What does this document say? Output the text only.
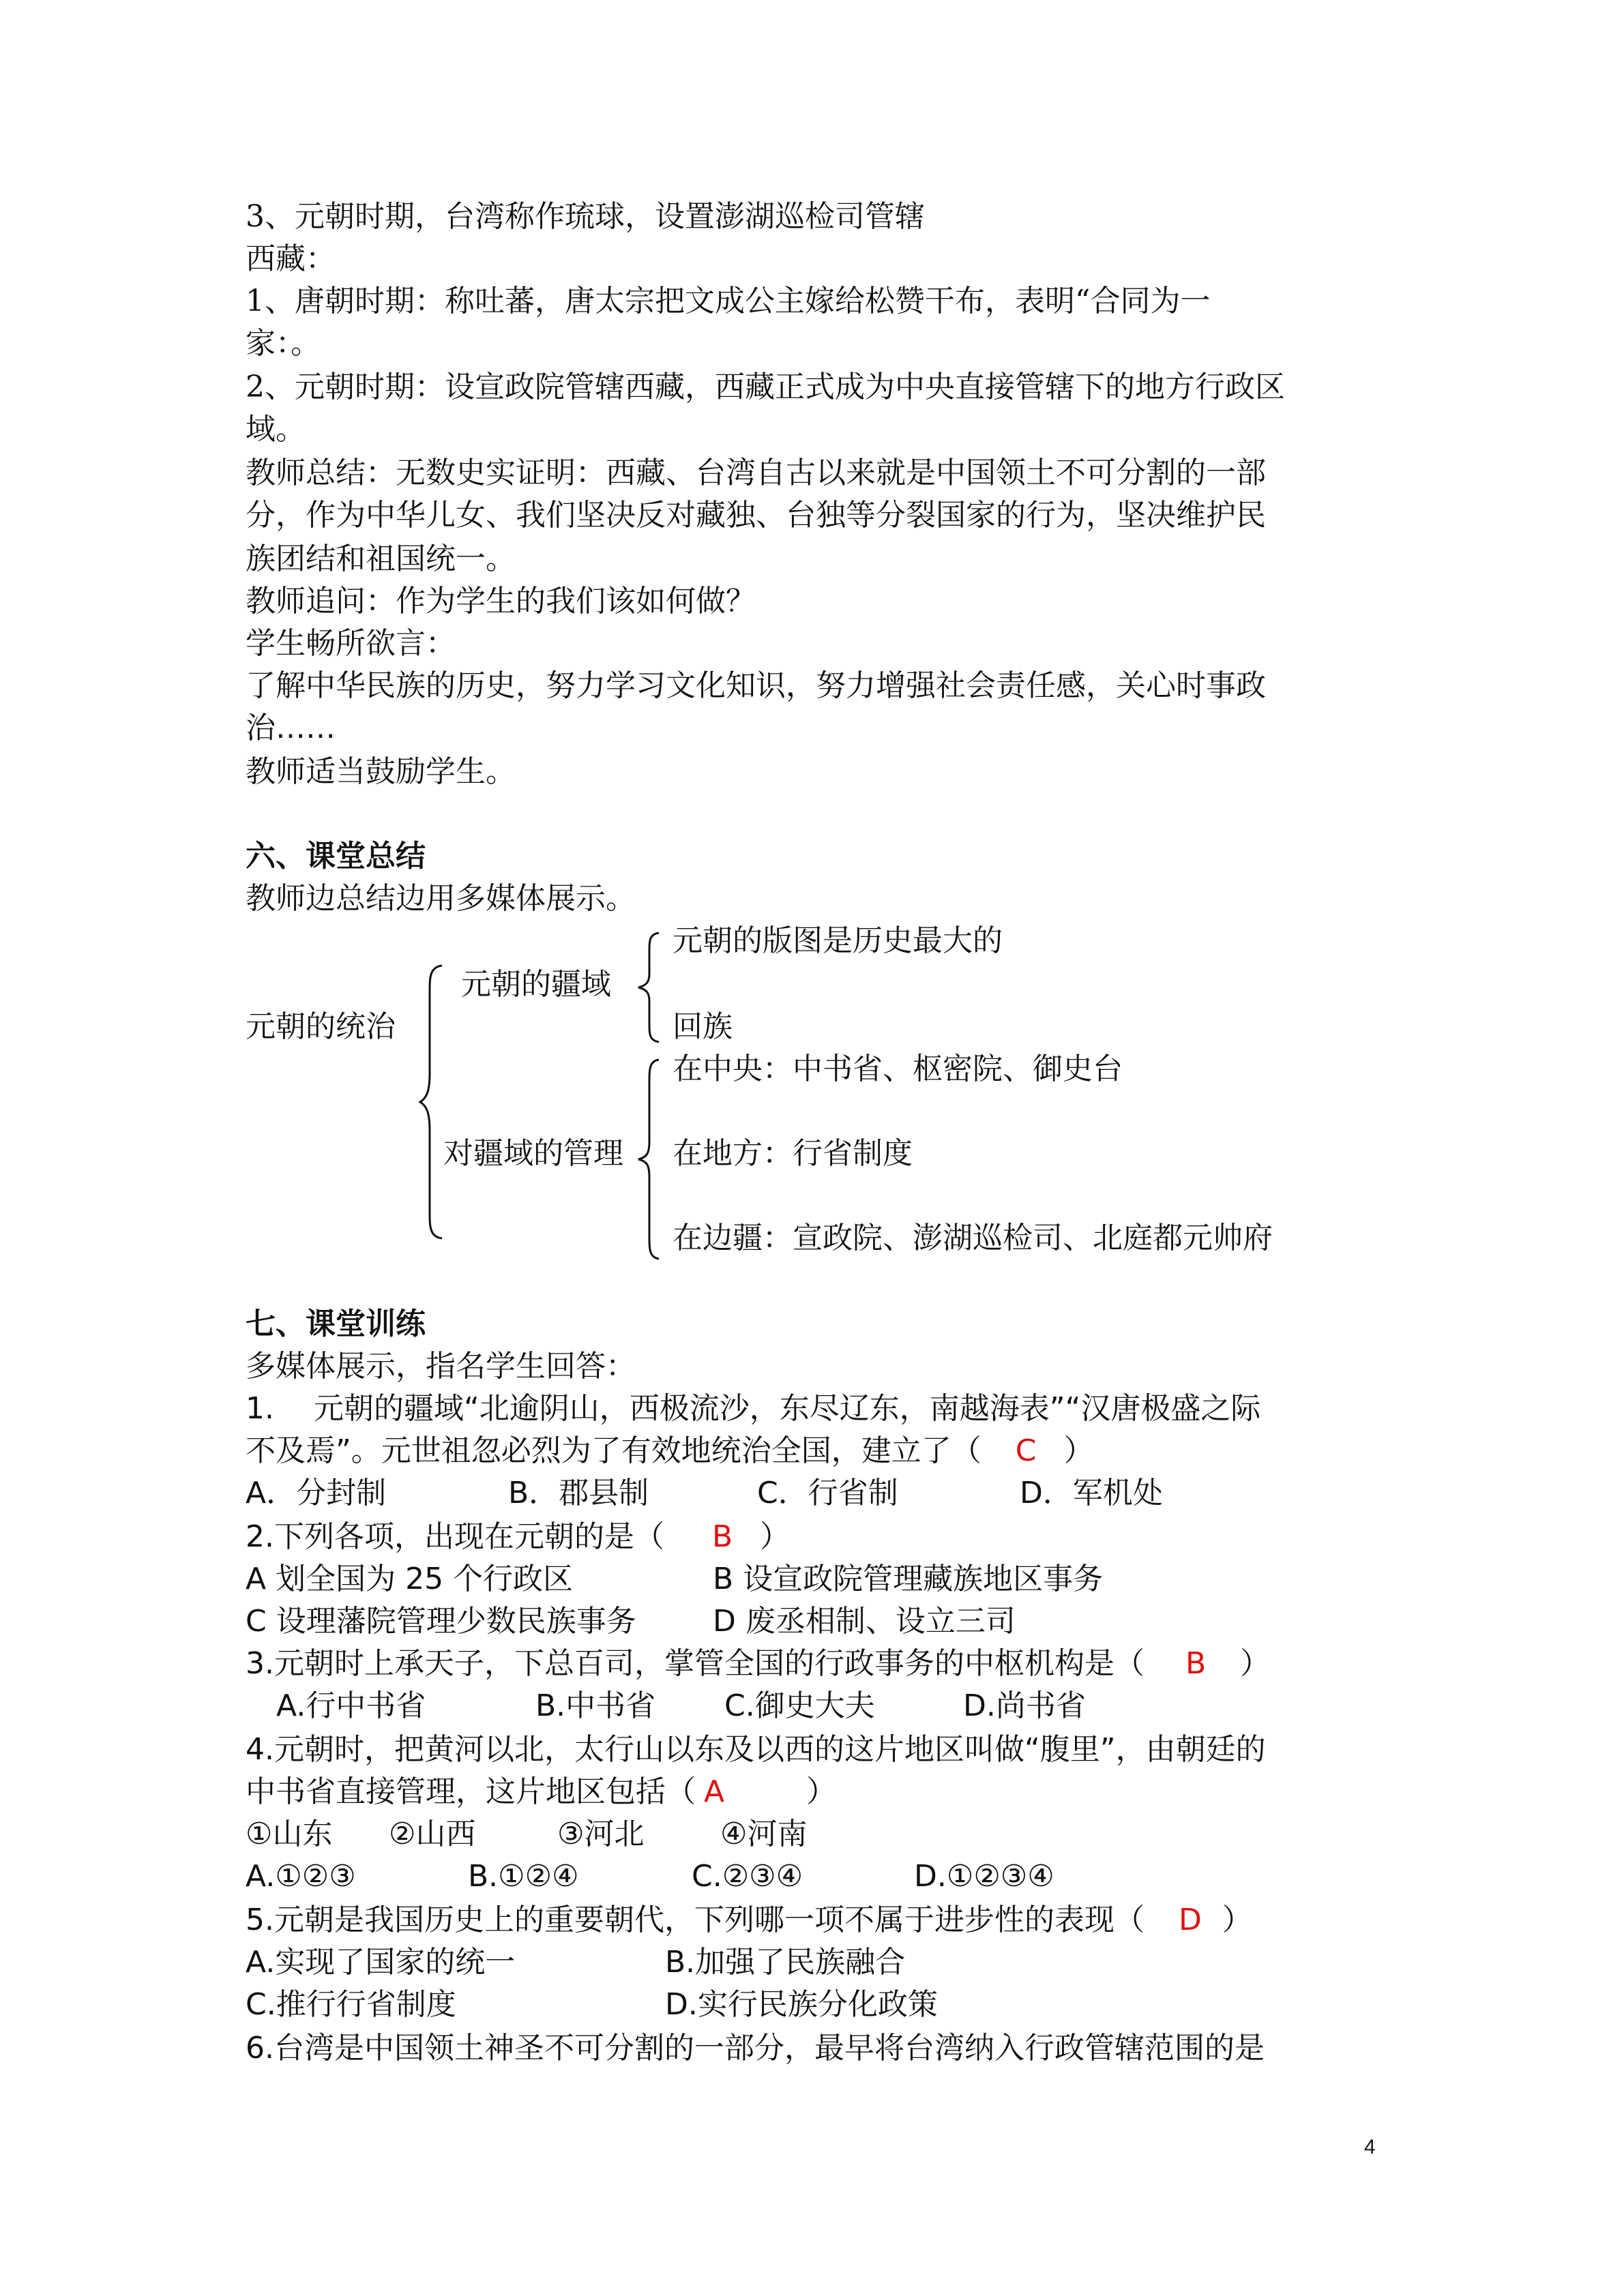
3、元朝时期，台湾称作琉球，设置澎湖巡检司管辖
西藏：
1、唐朝时期：称吐蕃，唐太宗把文成公主嫁给松赞干布，表明“合同为一
家：。
2、元朝时期：设宣政院管辖西藏，西藏正式成为中央直接管辖下的地方行政区
域。
教师总结：无数史实证明：西藏、台湾自古以来就是中国领土不可分割的一部
分，作为中华儿女、我们坚决反对藏独、台独等分裂国家的行为，坚决维护民
族团结和祖国统一。
教师追问：作为学生的我们该如何做？
学生畅所欲言：
了解中华民族的历史，努力学习文化知识，努力增强社会责任感，关心时事政
治……
教师适当鼓励学生。
六、课堂总结
教师边总结边用多媒体展示。
元朝的统治
元朝的疆域
对疆域的管理
元朝的版图是历史最大的
回族
在中央：中书省、枢密院、御史台
在地方：行省制度
在边疆：宣政院、澎湖巡检司、北庭都元帅府
七、课堂训练
多媒体展示，指名学生回答：
1. 元朝的疆域“北逾阴山，西极流沙，东尽辽东，南越海表”“汉唐极盛之际
不及焉”。元世祖忽必烈为了有效地统治全国，建立了（ C ）
A．分封制	B．郡县制	C．行省制	D．军机处
2.下列各项，出现在元朝的是（ B ）
A 划全国为 25 个行政区	B 设宣政院管理藏族地区事务
C 设理藩院管理少数民族事务	D 废丞相制、设立三司
3.元朝时上承天子，下总百司，掌管全国的行政事务的中枢机构是（ B ）
A.行中书省	B.中书省 C.御史大夫	D.尚书省
4.元朝时，把黄河以北，太行山以东及以西的这片地区叫做“腹里”，由朝廷的
中书省直接管理，这片地区包括（ A	）
①山东 ②山西	③河北	④河南
A.①②③	B.①②④	C.②③④	D.①②③④
5.元朝是我国历史上的重要朝代，下列哪一项不属于进步性的表现（ D ）
A.实现了国家的统一	B.加强了民族融合
C.推行行省制度	D.实行民族分化政策
6.台湾是中国领土神圣不可分割的一部分，最早将台湾纳入行政管辖范围的是
4
